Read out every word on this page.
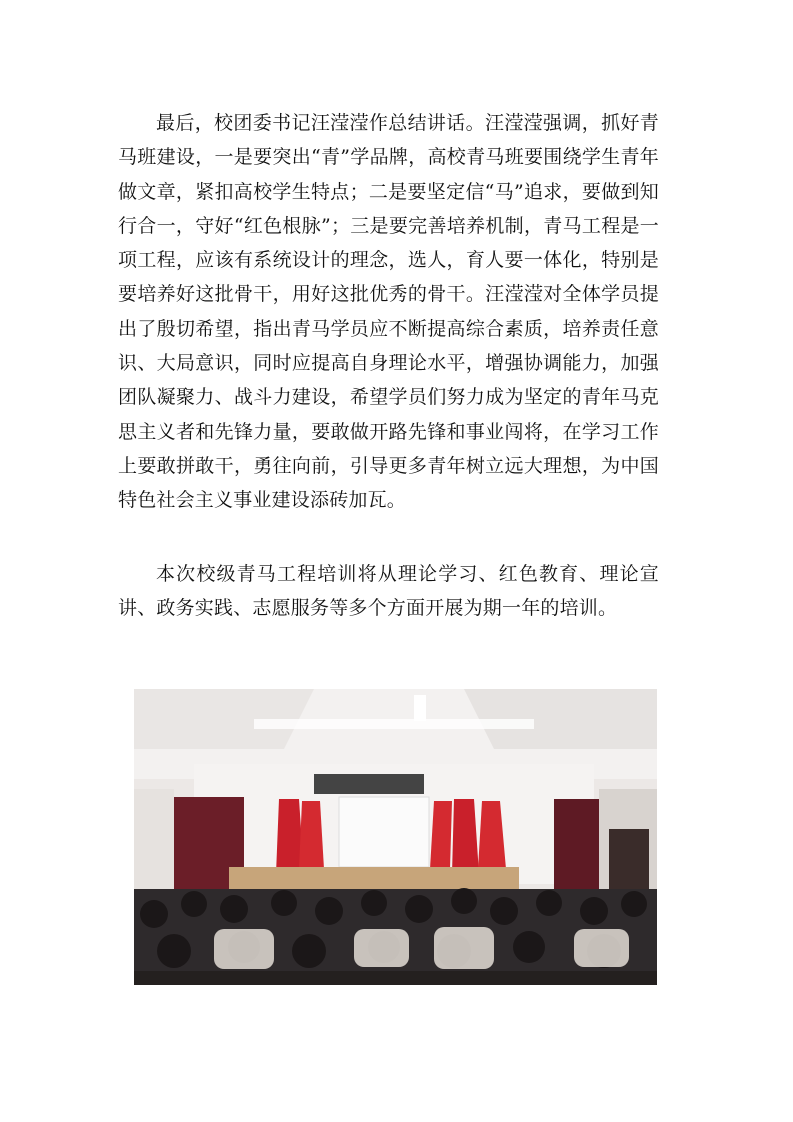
最后，校团委书记汪滢滢作总结讲话。汪滢滢强调，抓好青马班建设，一是要突出“青”学品牌，高校青马班要围绕学生青年做文章，紧扣高校学生特点；二是要坚定信“马”追求，要做到知行合一，守好“红色根脉”；三是要完善培养机制，青马工程是一项工程，应该有系统设计的理念，选人，育人要一体化，特别是要培养好这批骨干，用好这批优秀的骨干。汪滢滢对全体学员提出了殷切希望，指出青马学员应不断提高综合素质，培养责任意识、大局意识，同时应提高自身理论水平，增强协调能力，加强团队凝聚力、战斗力建设，希望学员们努力成为坚定的青年马克思主义者和先锋力量，要敢做开路先锋和事业闯将，在学习工作上要敢拼敢干，勇往向前，引导更多青年树立远大理想，为中国特色社会主义事业建设添砖加瓦。

本次校级青马工程培训将从理论学习、红色教育、理论宣讲、政务实践、志愿服务等多个方面开展为期一年的培训。
